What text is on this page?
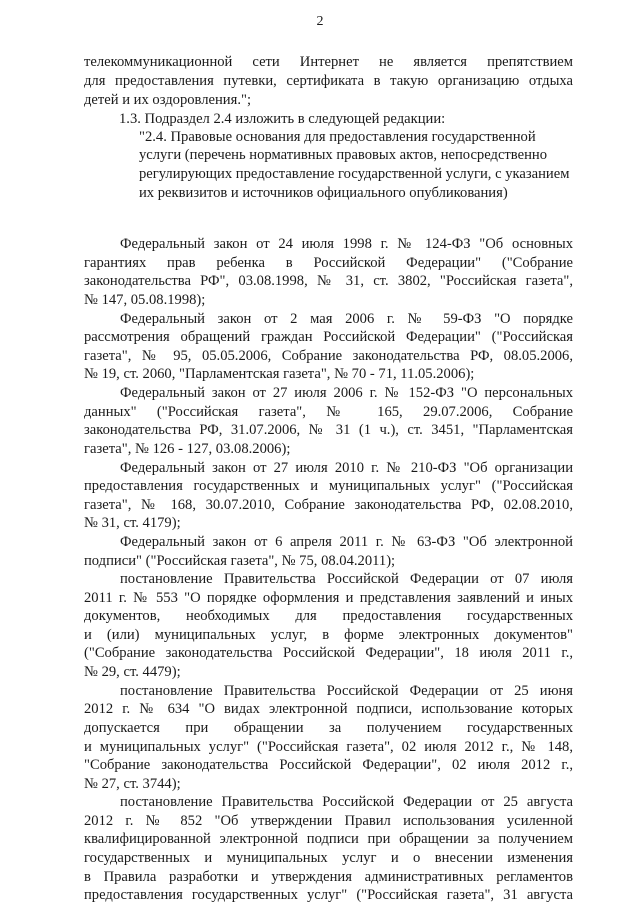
2
телекоммуникационной сети Интернет не является препятствием
для предоставления путевки, сертификата в такую организацию отдыха
детей и их оздоровления.";
1.3. Подраздел 2.4 изложить в следующей редакции:
"2.4. Правовые основания для предоставления государственной
услуги (перечень нормативных правовых актов, непосредственно
регулирующих предоставление государственной услуги, с указанием
их реквизитов и источников официального опубликования)
Федеральный закон от 24 июля 1998 г. № 124-ФЗ "Об основных
гарантиях прав ребенка в Российской Федерации" ("Собрание
законодательства РФ", 03.08.1998, № 31, ст. 3802, "Российская газета",
№ 147, 05.08.1998);
Федеральный закон от 2 мая 2006 г. № 59-ФЗ "О порядке
рассмотрения обращений граждан Российской Федерации" ("Российская
газета", № 95, 05.05.2006, Собрание законодательства РФ, 08.05.2006,
№ 19, ст. 2060, "Парламентская газета", № 70 - 71, 11.05.2006);
Федеральный закон от 27 июля 2006 г. № 152-ФЗ "О персональных
данных" ("Российская газета", № 165, 29.07.2006, Собрание
законодательства РФ, 31.07.2006, № 31 (1 ч.), ст. 3451, "Парламентская
газета", № 126 - 127, 03.08.2006);
Федеральный закон от 27 июля 2010 г. № 210-ФЗ "Об организации
предоставления государственных и муниципальных услуг" ("Российская
газета", № 168, 30.07.2010, Собрание законодательства РФ, 02.08.2010,
№ 31, ст. 4179);
Федеральный закон от 6 апреля 2011 г. № 63-ФЗ "Об электронной
подписи" ("Российская газета", № 75, 08.04.2011);
постановление Правительства Российской Федерации от 07 июля
2011 г. № 553 "О порядке оформления и представления заявлений и иных
документов, необходимых для предоставления государственных
и (или) муниципальных услуг, в форме электронных документов"
("Собрание законодательства Российской Федерации", 18 июля 2011 г.,
№ 29, ст. 4479);
постановление Правительства Российской Федерации от 25 июня
2012 г. № 634 "О видах электронной подписи, использование которых
допускается при обращении за получением государственных
и муниципальных услуг" ("Российская газета", 02 июля 2012 г., № 148,
"Собрание законодательства Российской Федерации", 02 июля 2012 г.,
№ 27, ст. 3744);
постановление Правительства Российской Федерации от 25 августа
2012 г. № 852 "Об утверждении Правил использования усиленной
квалифицированной электронной подписи при обращении за получением
государственных и муниципальных услуг и о внесении изменения
в Правила разработки и утверждения административных регламентов
предоставления государственных услуг" ("Российская газета", 31 августа
